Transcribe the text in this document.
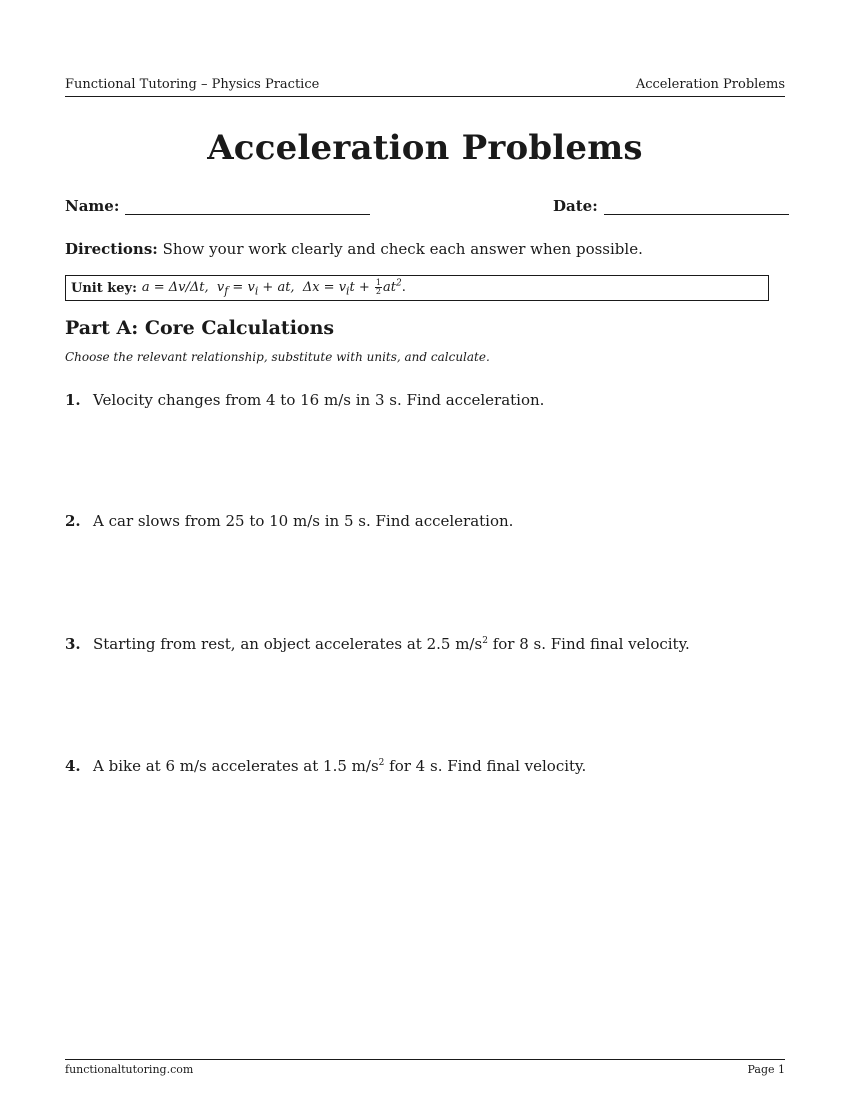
Functional Tutoring – Physics Practice	Acceleration Problems
Acceleration Problems
Name:	Date:
Directions: Show your work clearly and check each answer when possible.
Unit key: a = Δv/Δt, $v_f = v_i$ + at, $\Delta x = v_it + \frac{1}{2} at^2$.
Part A: Core Calculations
Choose the relevant relationship, substitute with units, and calculate.
1. Velocity changes from 4 to 16 m/s in 3 s. Find acceleration.
2. A car slows from 25 to 10 m/s in 5 s. Find acceleration.
3. Starting from rest, an object accelerates at 2.5 $m/s^2$ for 8 s. Find final velocity.
4. A bike at 6 m/s accelerates at 1.5 $m/s^2$ for 4 s. Find final velocity.
functionaltutoring.com	Page 1
